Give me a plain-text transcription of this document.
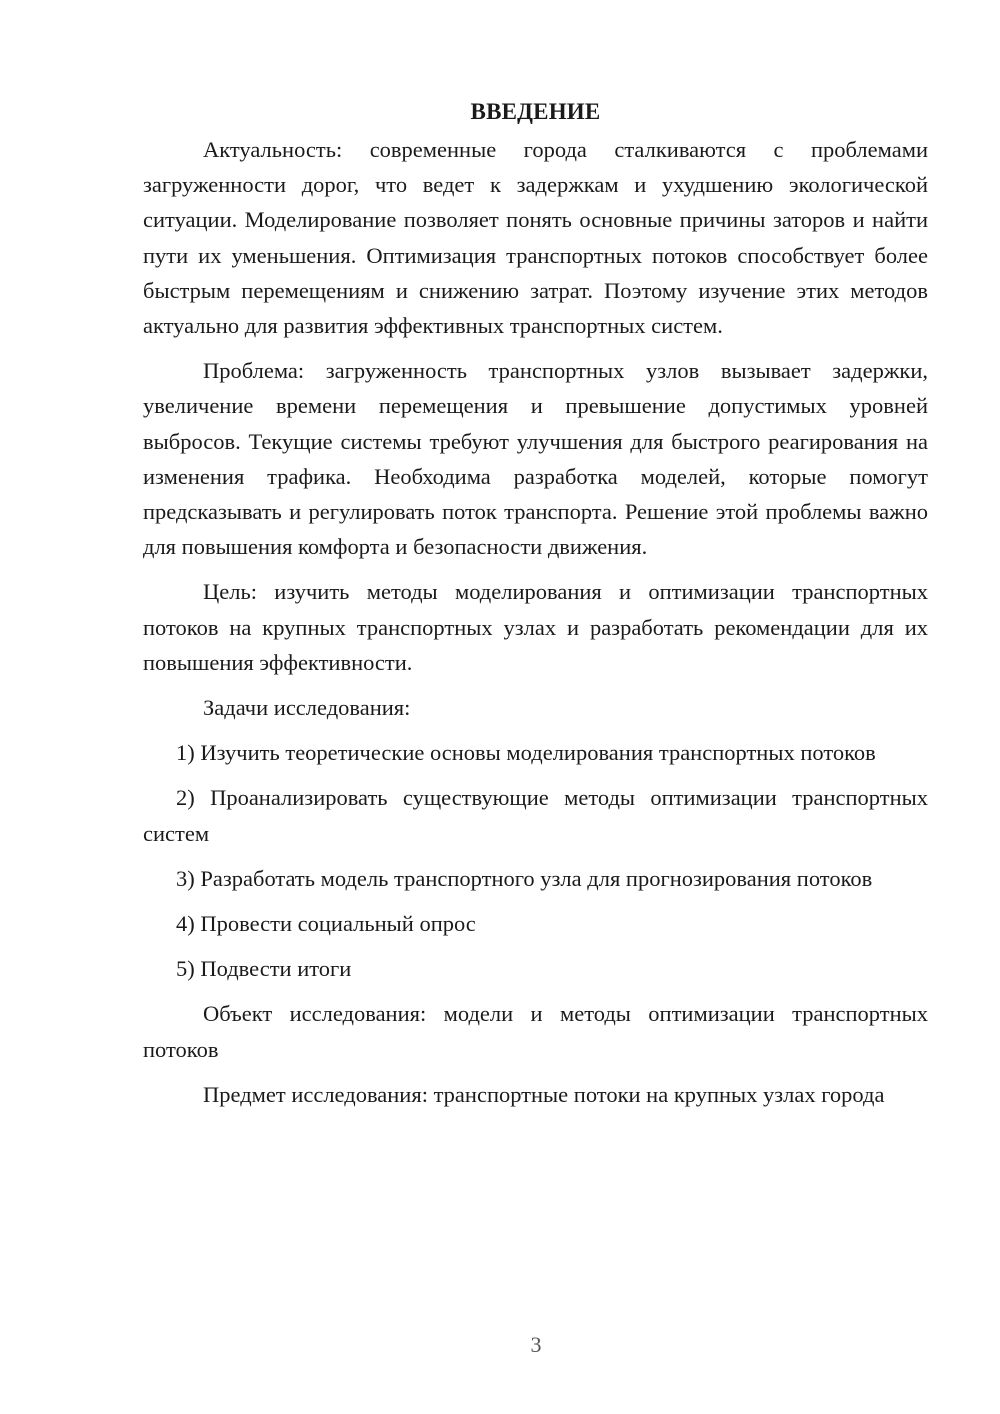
ВВЕДЕНИЕ

Актуальность: современные города сталкиваются с проблемами загруженности дорог, что ведет к задержкам и ухудшению экологической ситуации. Моделирование позволяет понять основные причины заторов и найти пути их уменьшения. Оптимизация транспортных потоков способствует более быстрым перемещениям и снижению затрат. Поэтому изучение этих методов актуально для развития эффективных транспортных систем.

Проблема: загруженность транспортных узлов вызывает задержки, увеличение времени перемещения и превышение допустимых уровней выбросов. Текущие системы требуют улучшения для быстрого реагирования на изменения трафика. Необходима разработка моделей, которые помогут предсказывать и регулировать поток транспорта. Решение этой проблемы важно для повышения комфорта и безопасности движения.

Цель: изучить методы моделирования и оптимизации транспортных потоков на крупных транспортных узлах и разработать рекомендации для их повышения эффективности.

Задачи исследования:

1) Изучить теоретические основы моделирования транспортных потоков

2) Проанализировать существующие методы оптимизации транспортных систем

3) Разработать модель транспортного узла для прогнозирования потоков

4) Провести социальный опрос

5) Подвести итоги

Объект исследования: модели и методы оптимизации транспортных потоков

Предмет исследования: транспортные потоки на крупных узлах города

3
